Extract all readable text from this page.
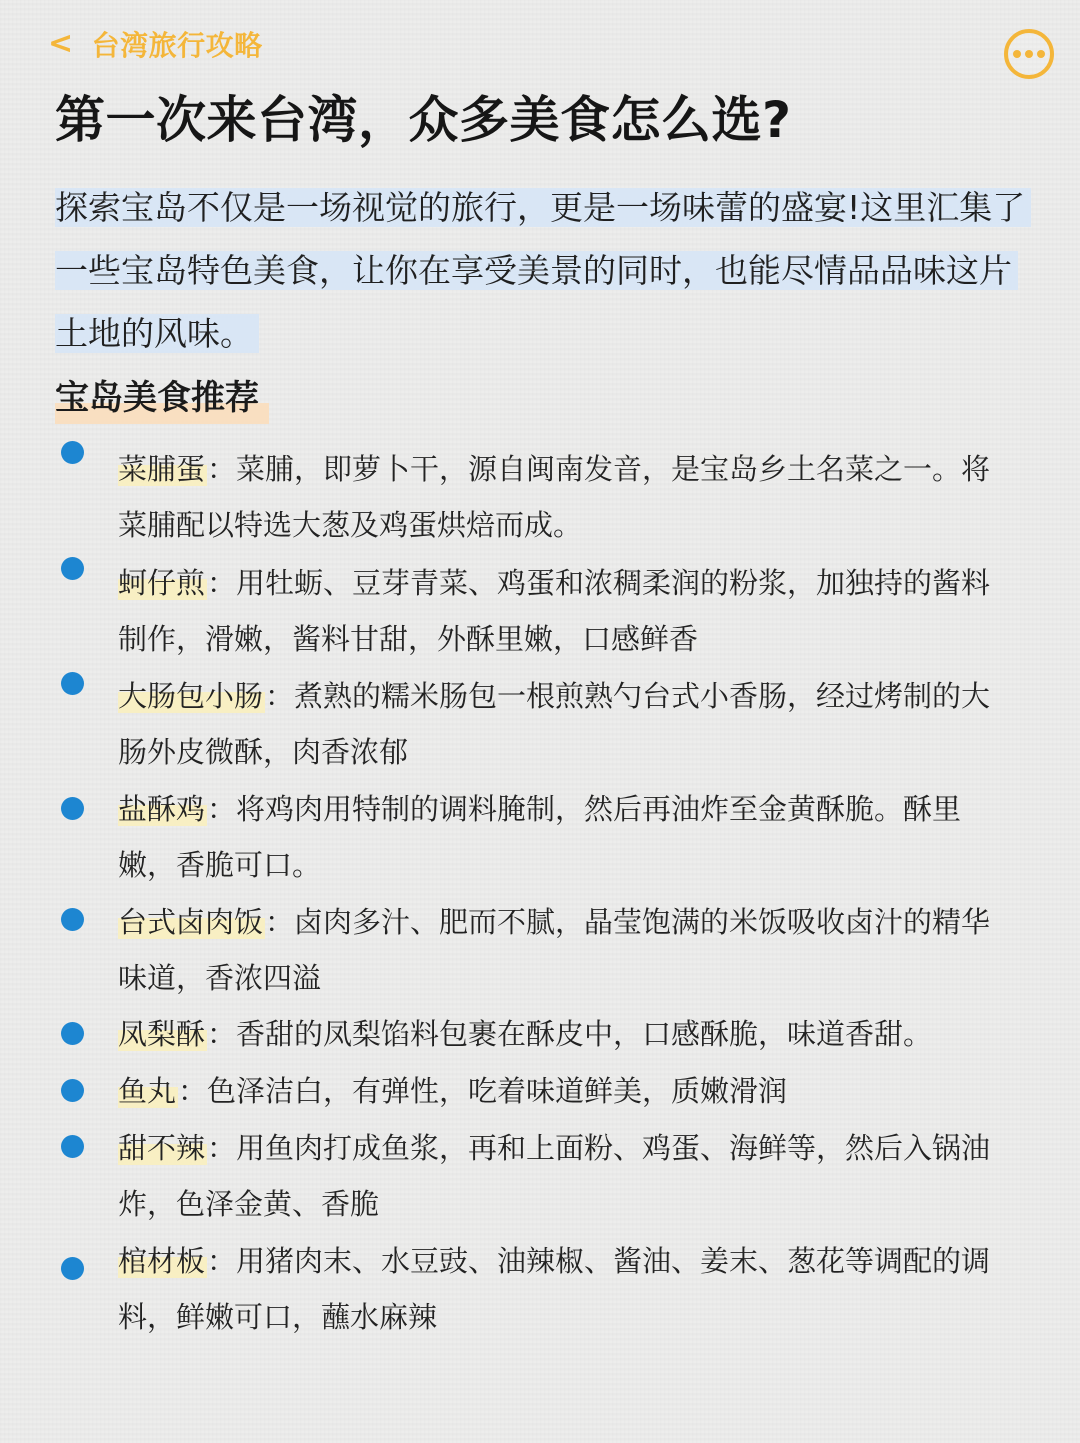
< 台湾旅行攻略
第一次来台湾，众多美食怎么选?
探索宝岛不仅是一场视觉的旅行，更是一场味蕾的盛宴!这里汇集了一些宝岛特色美食，让你在享受美景的同时，也能尽情品品味这片土地的风味。
宝岛美食推荐
菜脯蛋：菜脯，即萝卜干，源自闽南发音，是宝岛乡土名菜之一。将菜脯配以特选大葱及鸡蛋烘焙而成。
蚵仔煎：用牡蛎、豆芽青菜、鸡蛋和浓稠柔润的粉浆，加独持的酱料制作，滑嫩，酱料甘甜，外酥里嫩，口感鲜香
大肠包小肠：煮熟的糯米肠包一根煎熟勺台式小香肠，经过烤制的大肠外皮微酥，肉香浓郁
盐酥鸡：将鸡肉用特制的调料腌制，然后再油炸至金黄酥脆。酥里嫩，香脆可口。
台式卤肉饭：卤肉多汁、肥而不腻，晶莹饱满的米饭吸收卤汁的精华味道，香浓四溢
凤梨酥：香甜的凤梨馅料包裹在酥皮中，口感酥脆，味道香甜。
鱼丸：色泽洁白，有弹性，吃着味道鲜美，质嫩滑润
甜不辣：用鱼肉打成鱼浆，再和上面粉、鸡蛋、海鲜等，然后入锅油炸，色泽金黄、香脆
棺材板：用猪肉末、水豆豉、油辣椒、酱油、姜末、葱花等调配的调料，鲜嫩可口，蘸水麻辣
